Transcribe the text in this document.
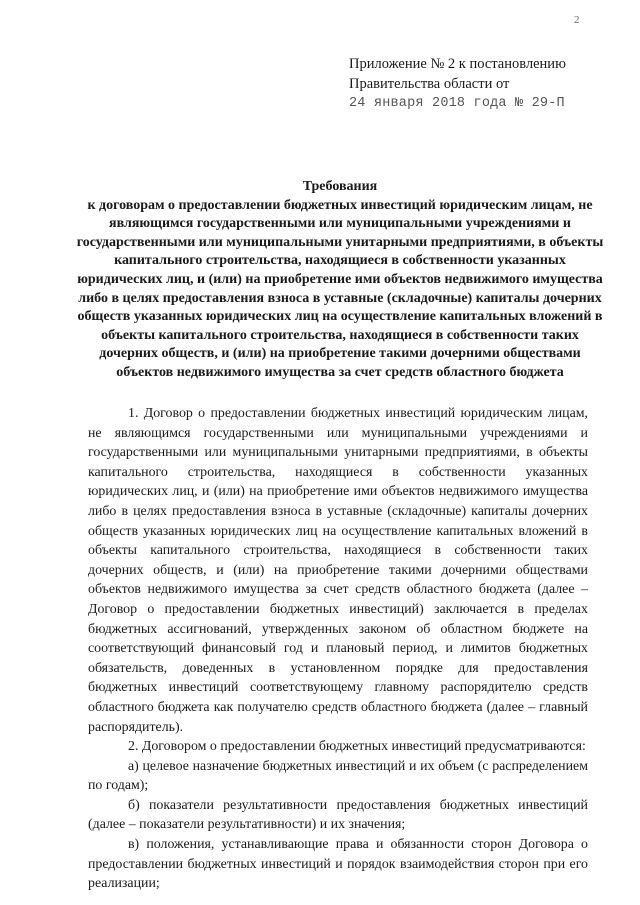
2
Приложение № 2 к постановлению
Правительства области от
24 января 2018 года № 29-П
Требования
к договорам о предоставлении бюджетных инвестиций юридическим лицам, не являющимся государственными или муниципальными учреждениями и государственными или муниципальными унитарными предприятиями, в объекты капитального строительства, находящиеся в собственности указанных юридических лиц, и (или) на приобретение ими объектов недвижимого имущества либо в целях предоставления взноса в уставные (складочные) капиталы дочерних обществ указанных юридических лиц на осуществление капитальных вложений в объекты капитального строительства, находящиеся в собственности таких дочерних обществ, и (или) на приобретение такими дочерними обществами объектов недвижимого имущества за счет средств областного бюджета

1. Договор о предоставлении бюджетных инвестиций юридическим лицам, не являющимся государственными или муниципальными учреждениями и государственными или муниципальными унитарными предприятиями, в объекты капитального строительства, находящиеся в собственности указанных юридических лиц, и (или) на приобретение ими объектов недвижимого имущества либо в целях предоставления взноса в уставные (складочные) капиталы дочерних обществ указанных юридических лиц на осуществление капитальных вложений в объекты капитального строительства, находящиеся в собственности таких дочерних обществ, и (или) на приобретение такими дочерними обществами объектов недвижимого имущества за счет средств областного бюджета (далее – Договор о предоставлении бюджетных инвестиций) заключается в пределах бюджетных ассигнований, утвержденных законом об областном бюджете на соответствующий финансовый год и плановый период, и лимитов бюджетных обязательств, доведенных в установленном порядке для предоставления бюджетных инвестиций соответствующему главному распорядителю средств областного бюджета как получателю средств областного бюджета (далее – главный распорядитель).

2. Договором о предоставлении бюджетных инвестиций предусматриваются:

а) целевое назначение бюджетных инвестиций и их объем (с распределением по годам);

б) показатели результативности предоставления бюджетных инвестиций (далее – показатели результативности) и их значения;

в) положения, устанавливающие права и обязанности сторон Договора о предоставлении бюджетных инвестиций и порядок взаимодействия сторон при его реализации;
